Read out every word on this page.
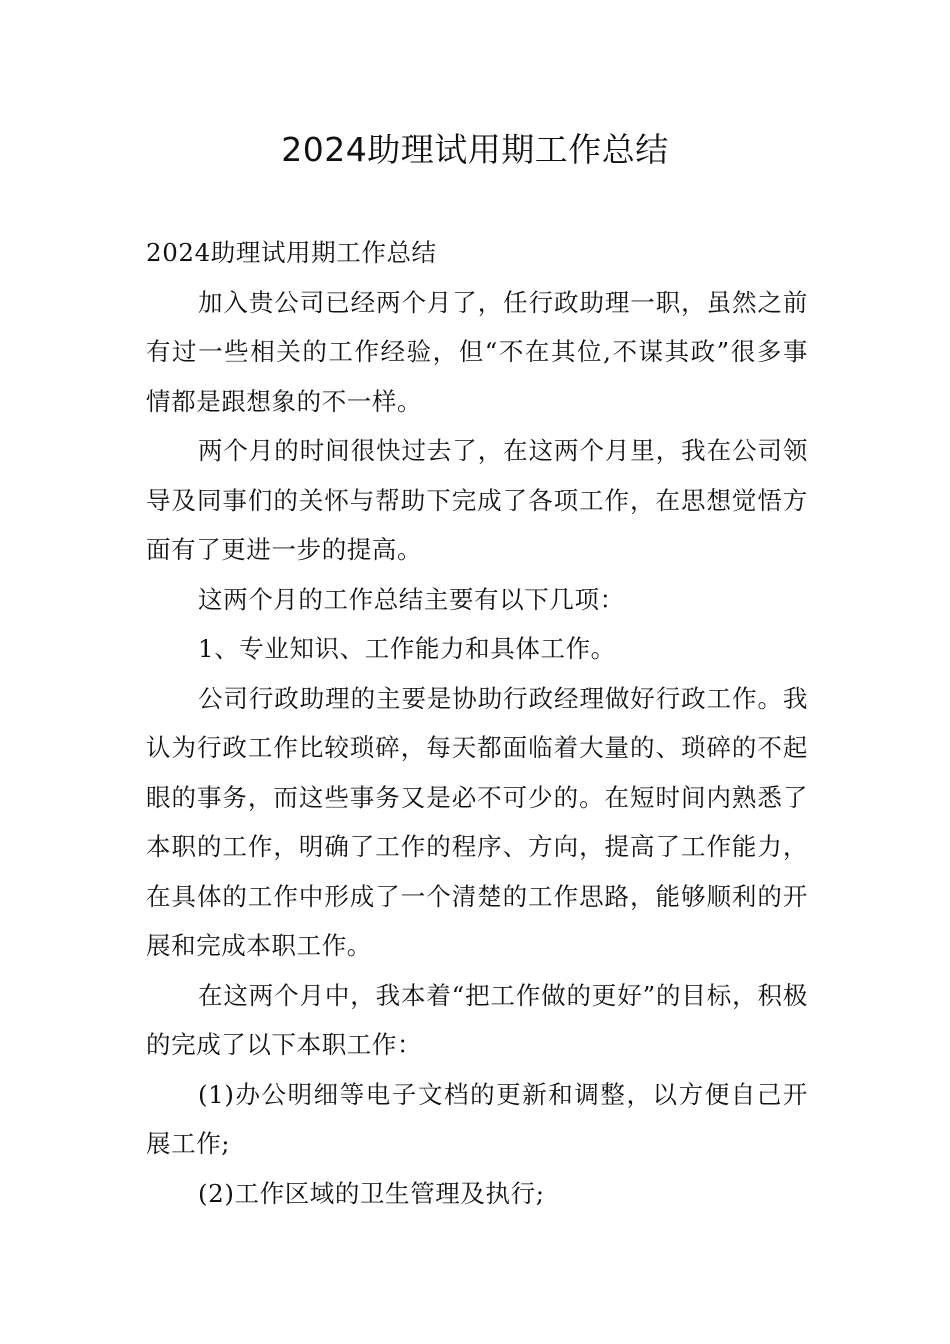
2024助理试用期工作总结

2024助理试用期工作总结

加入贵公司已经两个月了，任行政助理一职，虽然之前有过一些相关的工作经验，但“不在其位,不谋其政”很多事情都是跟想象的不一样。

两个月的时间很快过去了，在这两个月里，我在公司领导及同事们的关怀与帮助下完成了各项工作，在思想觉悟方面有了更进一步的提高。

这两个月的工作总结主要有以下几项：

1、专业知识、工作能力和具体工作。

公司行政助理的主要是协助行政经理做好行政工作。我认为行政工作比较琐碎，每天都面临着大量的、琐碎的不起眼的事务，而这些事务又是必不可少的。在短时间内熟悉了本职的工作，明确了工作的程序、方向，提高了工作能力，在具体的工作中形成了一个清楚的工作思路，能够顺利的开展和完成本职工作。

在这两个月中，我本着“把工作做的更好”的目标，积极的完成了以下本职工作：

(1)办公明细等电子文档的更新和调整，以方便自己开展工作;

(2)工作区域的卫生管理及执行;
